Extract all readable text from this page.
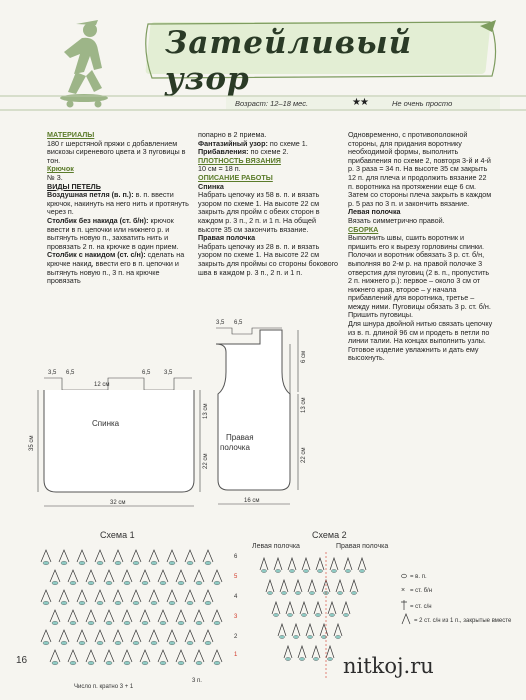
Затейливый узор
Возраст: 12–18 мес.	★★	Не очень просто

МАТЕРИАЛЫ

180 г шерстяной пряжи с добавлением вискозы сиреневого цвета и 3 пуговицы в тон.

Крючок

№ 3.

ВИДЫ ПЕТЕЛЬ

Воздушная петля (в. п.): в. п. ввести крючок, накинуть на него нить и протянуть через п.

Столбик без накида (ст. б/н): крючок ввести в п. цепочки или нижнего р. и вытянуть новую п., захватить нить и провязать 2 п. на крючке в один прием.

Столбик с накидом (ст. с/н): сделать на крючке накид, ввести его в п. цепочки и вытянуть новую п., 3 п. на крючке провязать

попарно в 2 приема.

Фантазийный узор: по схеме 1.

Прибавления: по схеме 2.

ПЛОТНОСТЬ ВЯЗАНИЯ

10 см = 18 п.

ОПИСАНИЕ РАБОТЫ

Спинка

Набрать цепочку из 58 в. п. и вязать узором по схеме 1. На высоте 22 см закрыть для пройм с обеих сторон в каждом р. 3 п., 2 п. и 1 п. На общей высоте 35 см закончить вязание.

Правая полочка

Набрать цепочку из 28 в. п. и вязать узором по схеме 1. На высоте 22 см закрыть для проймы со стороны бокового шва в каждом р. 3 п., 2 п. и 1 п.

Одновременно, с противоположной стороны, для придания воротнику необходимой формы, выполнить прибавления по схеме 2, повторя 3-й и 4-й р. 3 раза = 34 п. На высоте 35 см закрыть 12 п. для плеча и продолжить вязание 22 п. воротника на протяжении еще 6 см. Затем со стороны плеча закрыть в каждом р. 5 раз по 3 п. и закончить вязание.

Левая полочка

Вязать симметрично правой.

СБОРКА

Выполнить швы, сшить воротник и пришить его к вырезу горловины спинки. Полочки и воротник обвязать 3 р. ст. б/н, выполняя во 2-м р. на правой полочке 3 отверстия для пуговиц (2 в. п., пропустить 2 п. нижнего р.): первое – около 3 см от нижнего края, второе – у начала прибавлений для воротника, третье – между ними. Пуговицы обязать 3 р. ст. б/н. Пришить пуговицы.

Для шнура двойной нитью связать цепочку из в. п. длиной 96 см и продеть в петли по линии талии. На концах выполнить узлы. Готовое изделие увлажнить и дать ему высохнуть.

Спинка
3,5 6,5
12 см
6,5 3,5
35 см
13 см
22 см
32 см
Правая
полочка
3,5 6,5
6 см
13 см
22 см
16 см
Схема 1	Схема 2
Левая полочка	Правая полочка
6
5
4
3
2
1
Число п. кратно 3 + 1
3 п.
= в. п.
× = ст. б/н
= ст. с/н
= 2 ст. с/н из 1 п., закрытые вместе
16	nitkoj.ru
